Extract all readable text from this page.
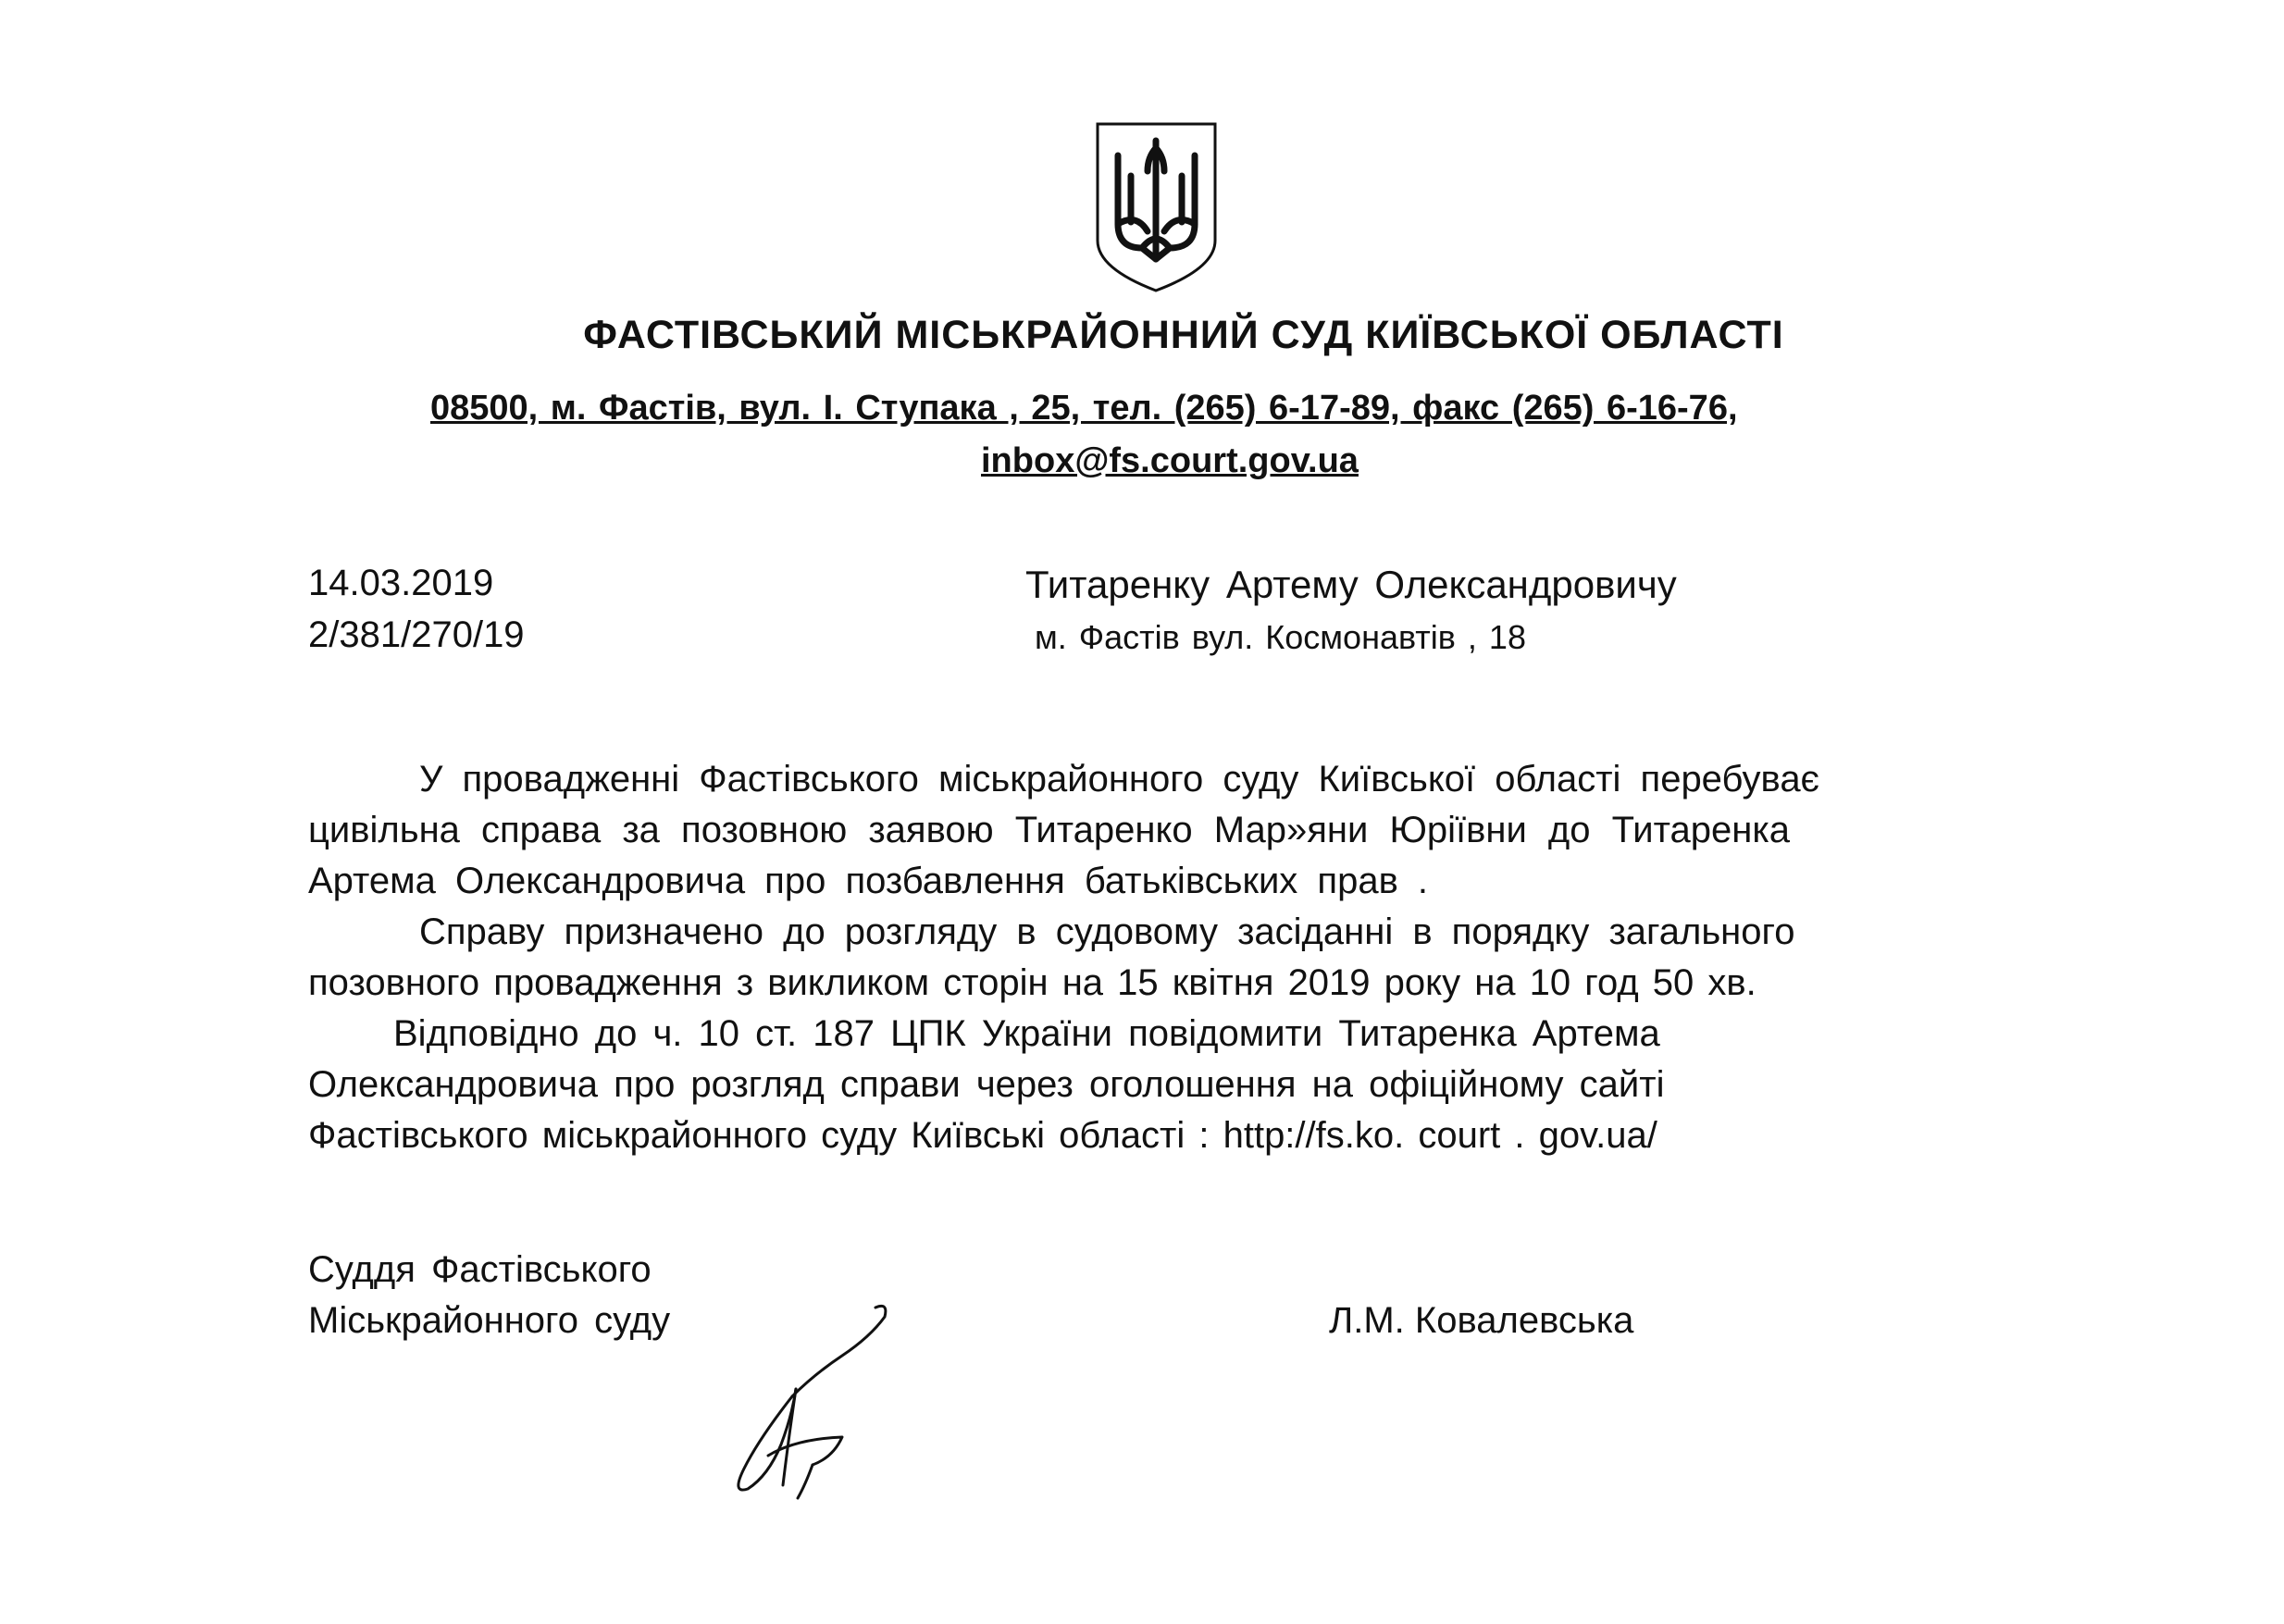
ФАСТІВСЬКИЙ МІСЬКРАЙОННИЙ СУД КИЇВСЬКОЇ ОБЛАСТІ
08500, м. Фастів, вул. І. Ступака , 25, тел. (265) 6-17-89, факс (265) 6-16-76,
inbox@fs.court.gov.ua
14.03.2019
2/381/270/19
Титаренку Артему Олександровичу
м. Фастів вул. Космонавтів , 18
У провадженні Фастівського міськрайонного суду Київської області перебуває
цивільна справа за позовною заявою Титаренко Мар»яни Юріївни до Титаренка
Артема Олександровича про позбавлення батьківських прав .
Справу призначено до розгляду в судовому засіданні в порядку загального
позовного провадження з викликом сторін на 15 квітня 2019 року на 10 год 50 хв.
Відповідно до ч. 10 ст. 187 ЦПК України повідомити Титаренка Артема
Олександровича про розгляд справи через оголошення на офіційному сайті
Фастівського міськрайонного суду Київські області : http://fs.ko. court . gov.ua/
Суддя Фастівського
Міськрайонного суду	Л.М. Ковалевська
